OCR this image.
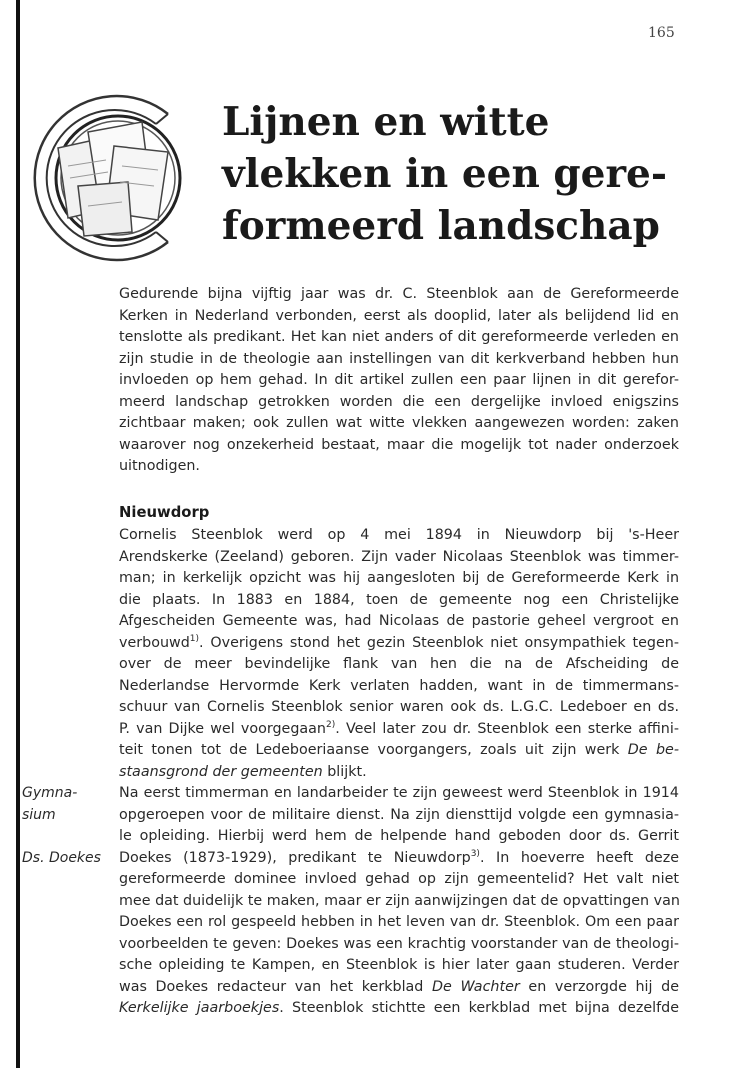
165
Lijnen en witte
vlekken in een gere-
formeerd landschap
Gedurende bijna vijftig jaar was dr. C. Steenblok aan de Gereformeerde
Kerken in Nederland verbonden, eerst als dooplid, later als belijdend lid en
tenslotte als predikant. Het kan niet anders of dit gereformeerde verleden en
zijn studie in de theologie aan instellingen van dit kerkverband hebben hun
invloeden op hem gehad. In dit artikel zullen een paar lijnen in dit gerefor-
meerd landschap getrokken worden die een dergelijke invloed enigszins
zichtbaar maken; ook zullen wat witte vlekken aangewezen worden: zaken
waarover nog onzekerheid bestaat, maar die mogelijk tot nader onderzoek
uitnodigen.
Nieuwdorp
Cornelis Steenblok werd op 4 mei 1894 in Nieuwdorp bij 's-Heer
Arendskerke (Zeeland) geboren. Zijn vader Nicolaas Steenblok was timmer-
man; in kerkelijk opzicht was hij aangesloten bij de Gereformeerde Kerk in
die plaats. In 1883 en 1884, toen de gemeente nog een Christelijke
Afgescheiden Gemeente was, had Nicolaas de pastorie geheel vergroot en
verbouwd$^{1)}$. Overigens stond het gezin Steenblok niet onsympathiek tegen-
over de meer bevindelijke flank van hen die na de Afscheiding de
Nederlandse Hervormde Kerk verlaten hadden, want in de timmermans-
schuur van Cornelis Steenblok senior waren ook ds. L.G.C. Ledeboer en ds.
P. van Dijke wel voorgegaan$^{2)}$. Veel later zou dr. Steenblok een sterke affini-
teit tonen tot de Ledeboeriaanse voorgangers, zoals uit zijn werk De be-
staansgrond der gemeenten blijkt.
Na eerst timmerman en landarbeider te zijn geweest werd Steenblok in 1914
opgeroepen voor de militaire dienst. Na zijn diensttijd volgde een gymnasia-
le opleiding. Hierbij werd hem de helpende hand geboden door ds. Gerrit
Doekes (1873-1929), predikant te Nieuwdorp$^{3)}$. In hoeverre heeft deze
gereformeerde dominee invloed gehad op zijn gemeentelid? Het valt niet
mee dat duidelijk te maken, maar er zijn aanwijzingen dat de opvattingen van
Doekes een rol gespeeld hebben in het leven van dr. Steenblok. Om een paar
voorbeelden te geven: Doekes was een krachtig voorstander van de theologi-
sche opleiding te Kampen, en Steenblok is hier later gaan studeren. Verder
was Doekes redacteur van het kerkblad De Wachter en verzorgde hij de
Kerkelijke jaarboekjes. Steenblok stichtte een kerkblad met bijna dezelfde
Gymna-
sium
Ds. Doekes
